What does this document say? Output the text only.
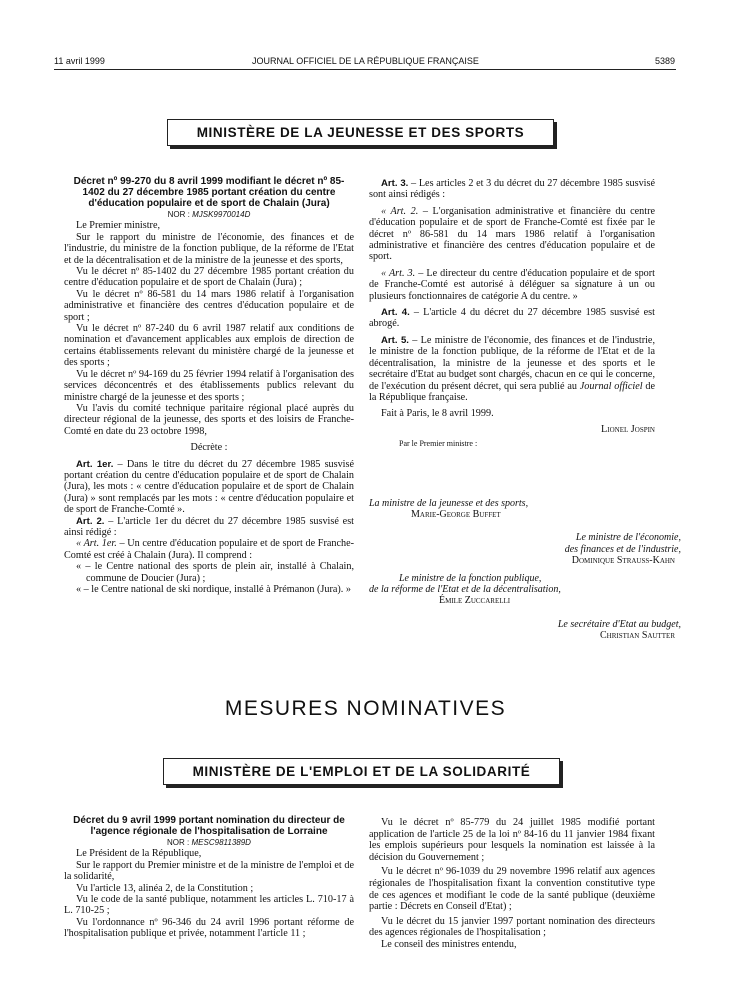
11 avril 1999	JOURNAL OFFICIEL DE LA RÉPUBLIQUE FRANÇAISE	5389
MINISTÈRE DE LA JEUNESSE ET DES SPORTS

Décret nº 99-270 du 8 avril 1999 modifiant le décret nº 85-1402 du 27 décembre 1985 portant création du centre d'éducation populaire et de sport de Chalain (Jura)

NOR : MJSK9970014D

Le Premier ministre,

Sur le rapport du ministre de l'économie, des finances et de l'industrie, du ministre de la fonction publique, de la réforme de l'Etat et de la décentralisation et de la ministre de la jeunesse et des sports,

Vu le décret nº 85-1402 du 27 décembre 1985 portant création du centre d'éducation populaire et de sport de Chalain (Jura) ;

Vu le décret nº 86-581 du 14 mars 1986 relatif à l'organisation administrative et financière des centres d'éducation populaire et de sport ;

Vu le décret nº 87-240 du 6 avril 1987 relatif aux conditions de nomination et d'avancement applicables aux emplois de direction de certains établissements relevant du ministère chargé de la jeunesse et des sports ;

Vu le décret nº 94-169 du 25 février 1994 relatif à l'organisation des services déconcentrés et des établissements publics relevant du ministre chargé de la jeunesse et des sports ;

Vu l'avis du comité technique paritaire régional placé auprès du directeur régional de la jeunesse, des sports et des loisirs de Franche-Comté en date du 23 octobre 1998,

Décrète :

Art. 1er. – Dans le titre du décret du 27 décembre 1985 susvisé portant création du centre d'éducation populaire et de sport de Chalain (Jura), les mots : « centre d'éducation populaire et de sport de Chalain (Jura) » sont remplacés par les mots : « centre d'éducation populaire et de sport de Franche-Comté ».

Art. 2. – L'article 1er du décret du 27 décembre 1985 susvisé est ainsi rédigé :

« Art. 1er. – Un centre d'éducation populaire et de sport de Franche-Comté est créé à Chalain (Jura). Il comprend :

« – le Centre national des sports de plein air, installé à Chalain, commune de Doucier (Jura) ;

« – le Centre national de ski nordique, installé à Prémanon (Jura). »

Art. 3. – Les articles 2 et 3 du décret du 27 décembre 1985 susvisé sont ainsi rédigés :

« Art. 2. – L'organisation administrative et financière du centre d'éducation populaire et de sport de Franche-Comté est fixée par le décret nº 86-581 du 14 mars 1986 relatif à l'organisation administrative et financière des centres d'éducation populaire et de sport.

« Art. 3. – Le directeur du centre d'éducation populaire et de sport de Franche-Comté est autorisé à déléguer sa signature à un ou plusieurs fonctionnaires de catégorie A du centre. »

Art. 4. – L'article 4 du décret du 27 décembre 1985 susvisé est abrogé.

Art. 5. – Le ministre de l'économie, des finances et de l'industrie, le ministre de la fonction publique, de la réforme de l'Etat et de la décentralisation, la ministre de la jeunesse et des sports et le secrétaire d'Etat au budget sont chargés, chacun en ce qui le concerne, de l'exécution du présent décret, qui sera publié au Journal officiel de la République française.

Fait à Paris, le 8 avril 1999.

Lionel Jospin

Par le Premier ministre :

La ministre de la jeunesse et des sports,

Marie-George Buffet

Le ministre de l'économie,

des finances et de l'industrie,

Dominique Strauss-Kahn

Le ministre de la fonction publique,

de la réforme de l'Etat et de la décentralisation,

Émile Zuccarelli

Le secrétaire d'Etat au budget,

Christian Sautter

MESURES NOMINATIVES
MINISTÈRE DE L'EMPLOI ET DE LA SOLIDARITÉ

Décret du 9 avril 1999 portant nomination du directeur de l'agence régionale de l'hospitalisation de Lorraine

NOR : MESC9811389D

Le Président de la République,

Sur le rapport du Premier ministre et de la ministre de l'emploi et de la solidarité,

Vu l'article 13, alinéa 2, de la Constitution ;

Vu le code de la santé publique, notamment les articles L. 710-17 à L. 710-25 ;

Vu l'ordonnance nº 96-346 du 24 avril 1996 portant réforme de l'hospitalisation publique et privée, notamment l'article 11 ;

Vu le décret nº 85-779 du 24 juillet 1985 modifié portant application de l'article 25 de la loi nº 84-16 du 11 janvier 1984 fixant les emplois supérieurs pour lesquels la nomination est laissée à la décision du Gouvernement ;

Vu le décret nº 96-1039 du 29 novembre 1996 relatif aux agences régionales de l'hospitalisation fixant la convention constitutive type de ces agences et modifiant le code de la santé publique (deuxième partie : Décrets en Conseil d'Etat) ;

Vu le décret du 15 janvier 1997 portant nomination des directeurs des agences régionales de l'hospitalisation ;

Le conseil des ministres entendu,
